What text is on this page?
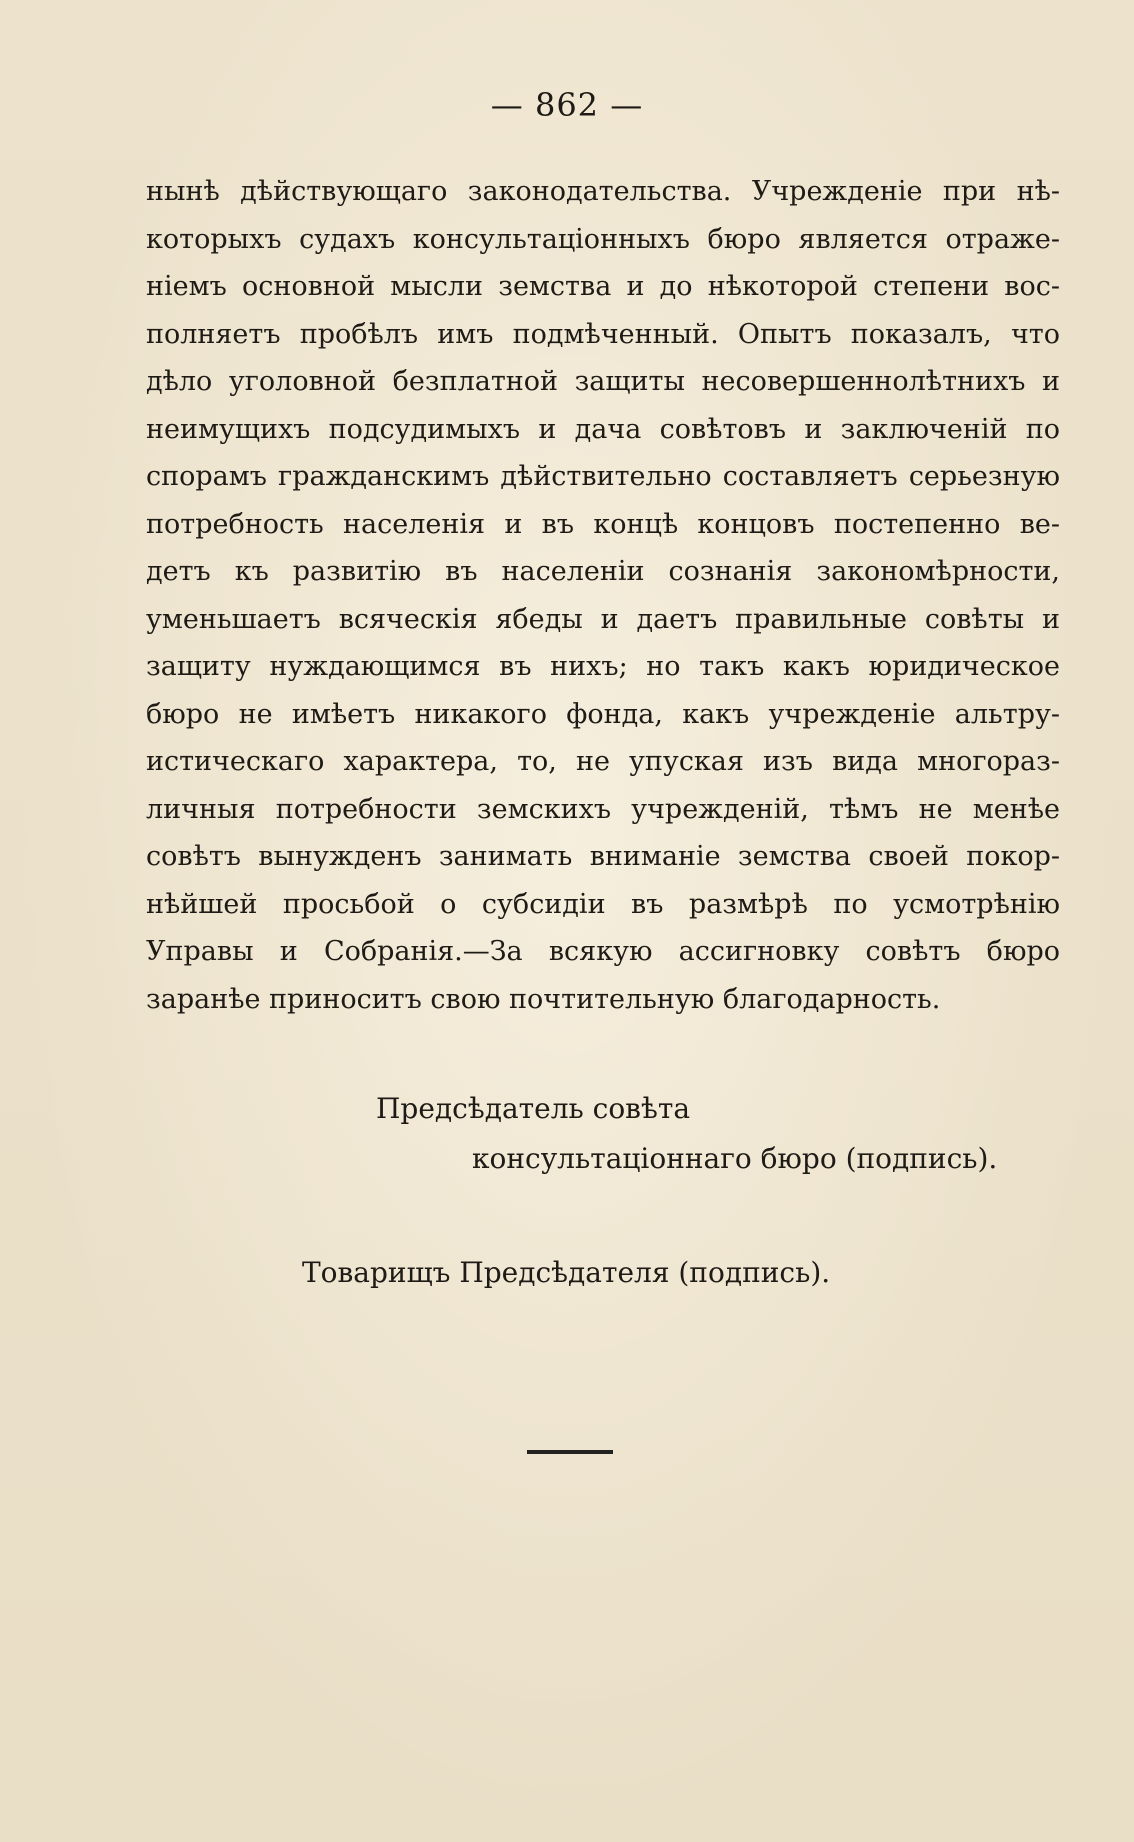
— 862 —
нынѣ дѣйствующаго законодательства. Учрежденіе при нѣ-
которыхъ судахъ консультаціонныхъ бюро является отраже-
ніемъ основной мысли земства и до нѣкоторой степени вос-
полняетъ пробѣлъ имъ подмѣченный. Опытъ показалъ, что
дѣло уголовной безплатной защиты несовершеннолѣтнихъ и
неимущихъ подсудимыхъ и дача совѣтовъ и заключеній по
спорамъ гражданскимъ дѣйствительно составляетъ серьезную
потребность населенія и въ концѣ концовъ постепенно ве-
детъ къ развитію въ населеніи сознанія закономѣрности,
уменьшаетъ всяческія ябеды и даетъ правильные совѣты и
защиту нуждающимся въ нихъ; но такъ какъ юридическое
бюро не имѣетъ никакого фонда, какъ учрежденіе альтру-
истическаго характера, то, не упуская изъ вида многораз-
личныя потребности земскихъ учрежденій, тѣмъ не менѣе
совѣтъ вынужденъ занимать вниманіе земства своей покор-
нѣйшей просьбой о субсидіи въ размѣрѣ по усмотрѣнію
Управы и Собранія.—За всякую ассигновку совѣтъ бюро
заранѣе приноситъ свою почтительную благодарность.
Предсѣдатель совѣта
консультаціоннаго бюро (подпись).
Товарищъ Предсѣдателя (подпись).
